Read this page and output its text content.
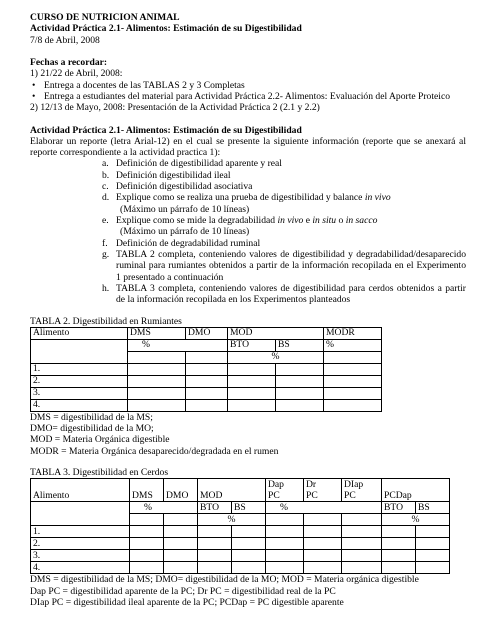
CURSO DE NUTRICION ANIMAL
Actividad Práctica 2.1- Alimentos: Estimación de su Digestibilidad
7/8 de Abril, 2008
Fechas a recordar:
1) 21/22 de Abril, 2008:
• Entrega a docentes de las TABLAS 2 y 3 Completas
• Entrega a estudiantes del material para Actividad Práctica 2.2- Alimentos: Evaluación del Aporte Proteico
2) 12/13 de Mayo, 2008: Presentación de la Actividad Práctica 2 (2.1 y 2.2)
Actividad Práctica 2.1- Alimentos: Estimación de su Digestibilidad
Elaborar un reporte (letra Arial-12) en el cual se presente la siguiente información (reporte que se anexará al reporte correspondiente a la actividad practica 1):
a. Definición de digestibilidad aparente y real
b. Definición digestibilidad ileal
c. Definición digestibilidad asociativa
d. Explique como se realiza una prueba de digestibilidad y balance in vivo
(Máximo un párrafo de 10 líneas)
e. Explique como se mide la degradabilidad in vivo e in situ o in sacco
(Máximo un párrafo de 10 líneas)
f. Definición de degradabilidad ruminal
g. TABLA 2 completa, conteniendo valores de digestibilidad y degradabilidad/desaparecido ruminal para rumiantes obtenidos a partir de la información recopilada en el Experimento 1 presentado a continuación
h. TABLA 3 completa, conteniendo valores de digestibilidad para cerdos obtenidos a partir de la información recopilada en los Experimentos planteados
TABLA 2. Digestibilidad en Rumiantes
Alimento	DMS	DMO	MOD		MODR
	%		BTO	BS	%
			%		
1.					
2.					
3.					
4.					
DMS = digestibilidad de la MS;
DMO= digestibilidad de la MO;
MOD = Materia Orgánica digestible
MODR = Materia Orgánica desaparecido/degradada en el rumen
TABLA 3. Digestibilidad en Cerdos
					Dap	Dr	DIap		
Alimento	DMS	DMO	MOD		PC	PC	PC	PCDap	
	%		BTO	BS	%			BTO	BS
			%					%	
1.									
2.									
3.									
4.									
DMS = digestibilidad de la MS; DMO= digestibilidad de la MO; MOD = Materia orgánica digestible
Dap PC = digestibilidad aparente de la PC; Dr PC = digestibilidad real de la PC
DIap PC = digestibilidad ileal aparente de la PC; PCDap = PC digestible aparente
